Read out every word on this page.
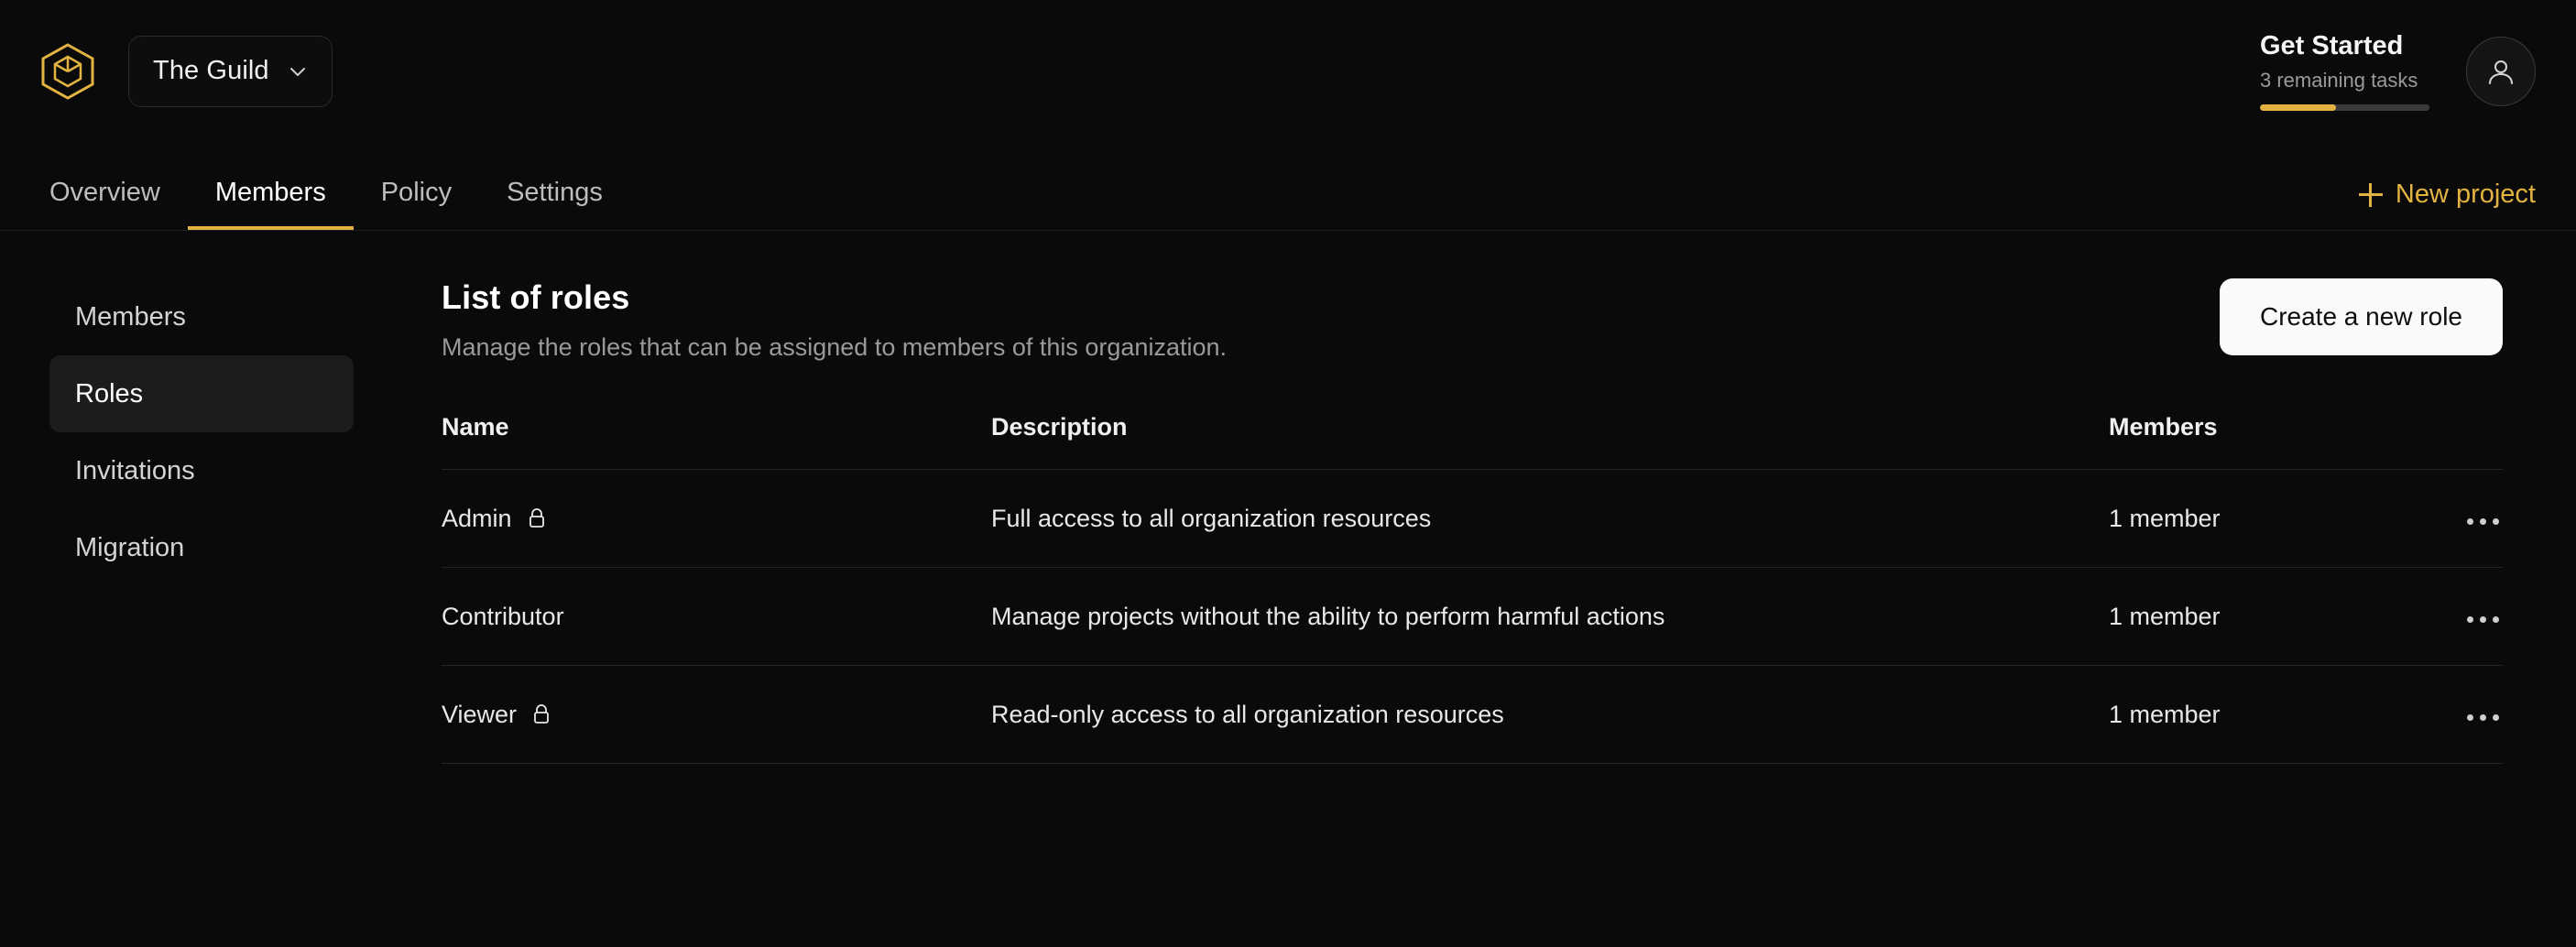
The Guild
Get Started
3 remaining tasks
Overview	Members	Policy	Settings	New project
Members
Roles
Invitations
Migration
List of roles
Manage the roles that can be assigned to members of this organization.
Create a new role
Name	Description	Members	

Admin	Full access to all organization resources	1 member	

Contributor	Manage projects without the ability to perform harmful actions	1 member	

Viewer	Read-only access to all organization resources	1 member	
